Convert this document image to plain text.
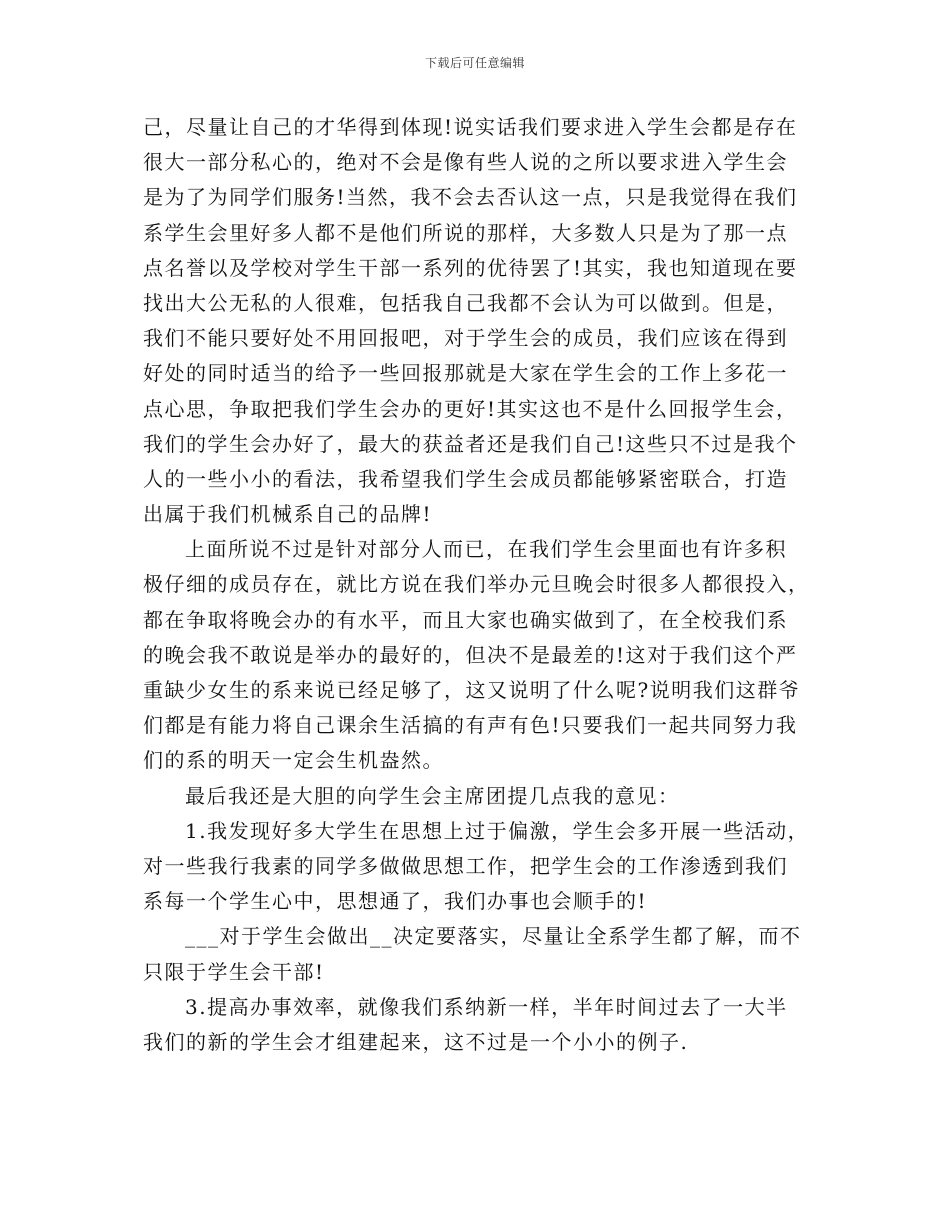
下载后可任意编辑
己，尽量让自己的才华得到体现!说实话我们要求进入学生会都是存在
很大一部分私心的，绝对不会是像有些人说的之所以要求进入学生会
是为了为同学们服务!当然，我不会去否认这一点，只是我觉得在我们
系学生会里好多人都不是他们所说的那样，大多数人只是为了那一点
点名誉以及学校对学生干部一系列的优待罢了!其实，我也知道现在要
找出大公无私的人很难，包括我自己我都不会认为可以做到。但是，
我们不能只要好处不用回报吧，对于学生会的成员，我们应该在得到
好处的同时适当的给予一些回报那就是大家在学生会的工作上多花一
点心思，争取把我们学生会办的更好!其实这也不是什么回报学生会，
我们的学生会办好了，最大的获益者还是我们自己!这些只不过是我个
人的一些小小的看法，我希望我们学生会成员都能够紧密联合，打造
出属于我们机械系自己的品牌!
上面所说不过是针对部分人而已，在我们学生会里面也有许多积
极仔细的成员存在，就比方说在我们举办元旦晚会时很多人都很投入，
都在争取将晚会办的有水平，而且大家也确实做到了，在全校我们系
的晚会我不敢说是举办的最好的，但决不是最差的!这对于我们这个严
重缺少女生的系来说已经足够了，这又说明了什么呢?说明我们这群爷
们都是有能力将自己课余生活搞的有声有色!只要我们一起共同努力我
们的系的明天一定会生机盎然。
最后我还是大胆的向学生会主席团提几点我的意见：
1.我发现好多大学生在思想上过于偏激，学生会多开展一些活动，
对一些我行我素的同学多做做思想工作，把学生会的工作渗透到我们
系每一个学生心中，思想通了，我们办事也会顺手的!
___对于学生会做出__决定要落实，尽量让全系学生都了解，而不
只限于学生会干部!
3.提高办事效率，就像我们系纳新一样，半年时间过去了一大半
我们的新的学生会才组建起来，这不过是一个小小的例子.
